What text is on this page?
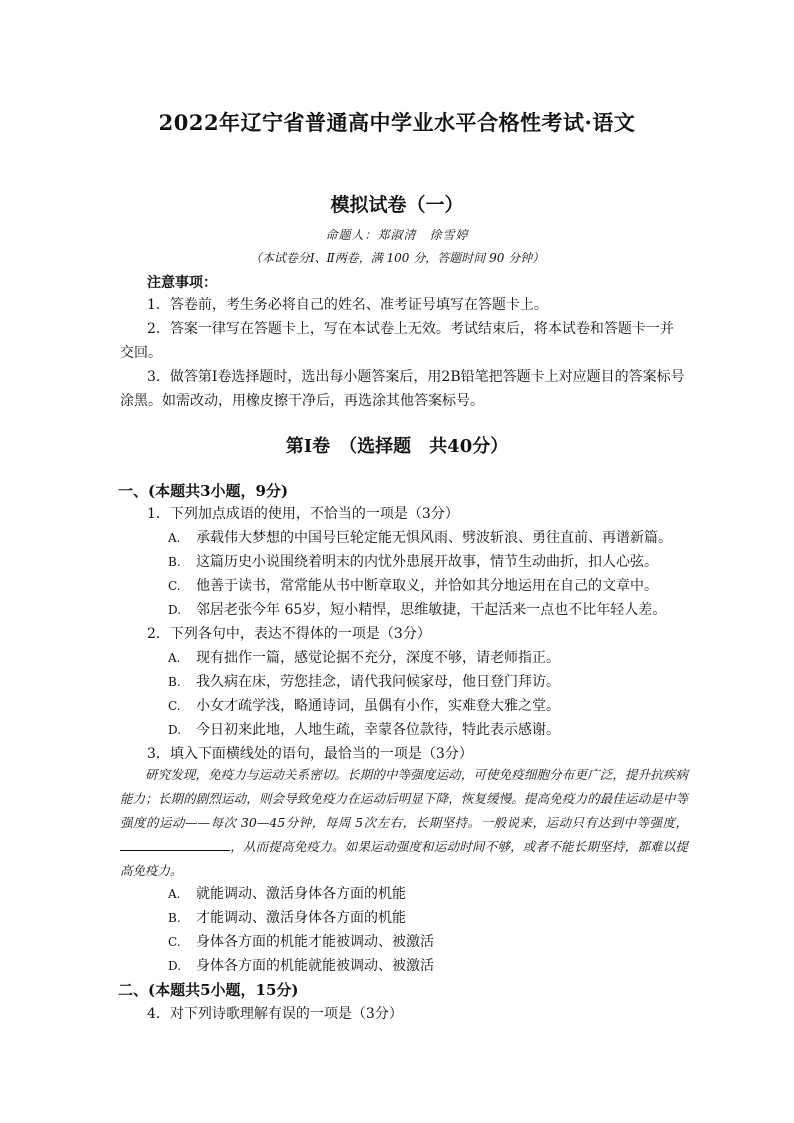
2022年辽宁省普通高中学业水平合格性考试·语文
模拟试卷（一）
命题人：郑淑清　徐雪婷
（本试卷分Ⅰ、Ⅱ两卷，满 100 分，答题时间 90 分钟）
注意事项：
1．答卷前，考生务必将自己的姓名、准考证号填写在答题卡上。
2．答案一律写在答题卡上，写在本试卷上无效。考试结束后，将本试卷和答题卡一并交回。
3．做答第Ⅰ卷选择题时，选出每小题答案后，用2B铅笔把答题卡上对应题目的答案标号涂黑。如需改动，用橡皮擦干净后，再选涂其他答案标号。
第Ⅰ卷　（选择题　共40分）
一、(本题共3小题，9分)
1．下列加点成语的使用，不恰当的一项是（3分）
A. 承载伟大梦想的中国号巨轮定能无惧风雨、劈波斩浪、勇往直前、再谱新篇。
B. 这篇历史小说围绕着明末的内忧外患展开故事，情节生动曲折，扣人心弦。
C. 他善于读书，常常能从书中断章取义，并恰如其分地运用在自己的文章中。
D. 邻居老张今年 65岁，短小精悍，思维敏捷，干起活来一点也不比年轻人差。
2．下列各句中，表达不得体的一项是（3分）
A. 现有拙作一篇，感觉论据不充分，深度不够，请老师指正。
B. 我久病在床，劳您挂念，请代我问候家母，他日登门拜访。
C. 小女才疏学浅，略通诗词，虽偶有小作，实难登大雅之堂。
D. 今日初来此地，人地生疏，幸蒙各位款待，特此表示感谢。
3．填入下面横线处的语句，最恰当的一项是（3分）
研究发现，免疫力与运动关系密切。长期的中等强度运动，可使免疫细胞分布更广泛，提升抗疾病能力；长期的剧烈运动，则会导致免疫力在运动后明显下降，恢复缓慢。提高免疫力的最佳运动是中等强度的运动——每次 30—45分钟，每周 5次左右，长期坚持。一般说来，运动只有达到中等强度，，从而提高免疫力。如果运动强度和运动时间不够，或者不能长期坚持，都难以提高免疫力。
A. 就能调动、激活身体各方面的机能
B. 才能调动、激活身体各方面的机能
C. 身体各方面的机能才能被调动、被激活
D. 身体各方面的机能就能被调动、被激活
二、(本题共5小题，15分)
4．对下列诗歌理解有误的一项是（3分）
